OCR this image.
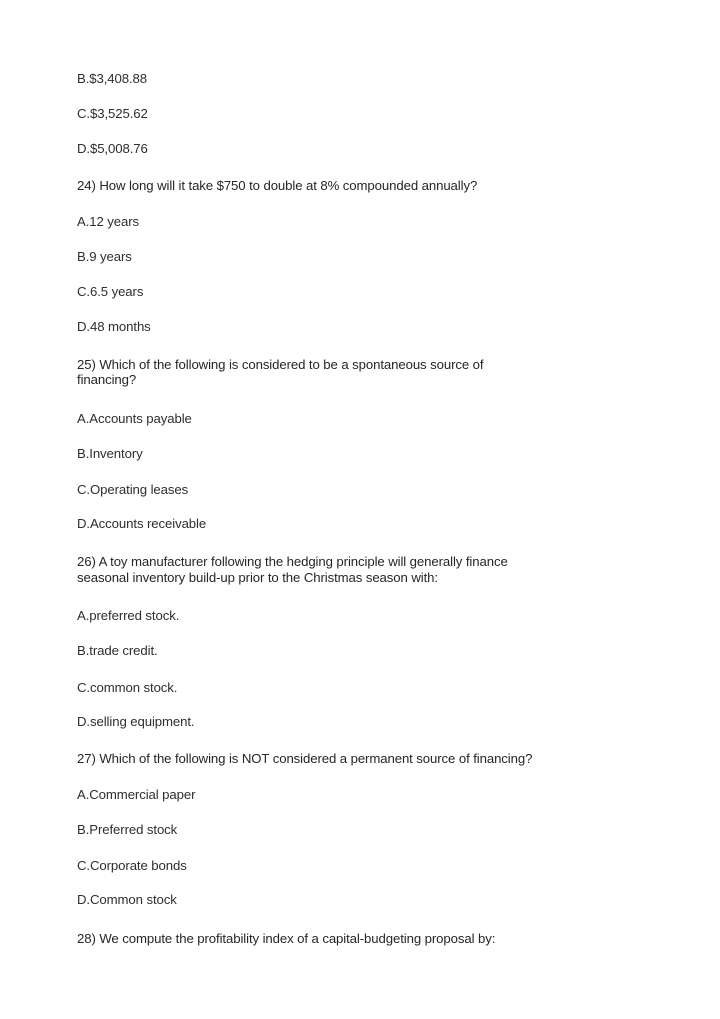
B.$3,408.88
C.$3,525.62
D.$5,008.76
24) How long will it take $750 to double at 8% compounded annually?
A.12 years
B.9 years
C.6.5 years
D.48 months
25) Which of the following is considered to be a spontaneous source of
financing?
A.Accounts payable
B.Inventory
C.Operating leases
D.Accounts receivable
26) A toy manufacturer following the hedging principle will generally finance
seasonal inventory build-up prior to the Christmas season with:
A.preferred stock.
B.trade credit.
C.common stock.
D.selling equipment.
27) Which of the following is NOT considered a permanent source of financing?
A.Commercial paper
B.Preferred stock
C.Corporate bonds
D.Common stock
28) We compute the profitability index of a capital-budgeting proposal by:
